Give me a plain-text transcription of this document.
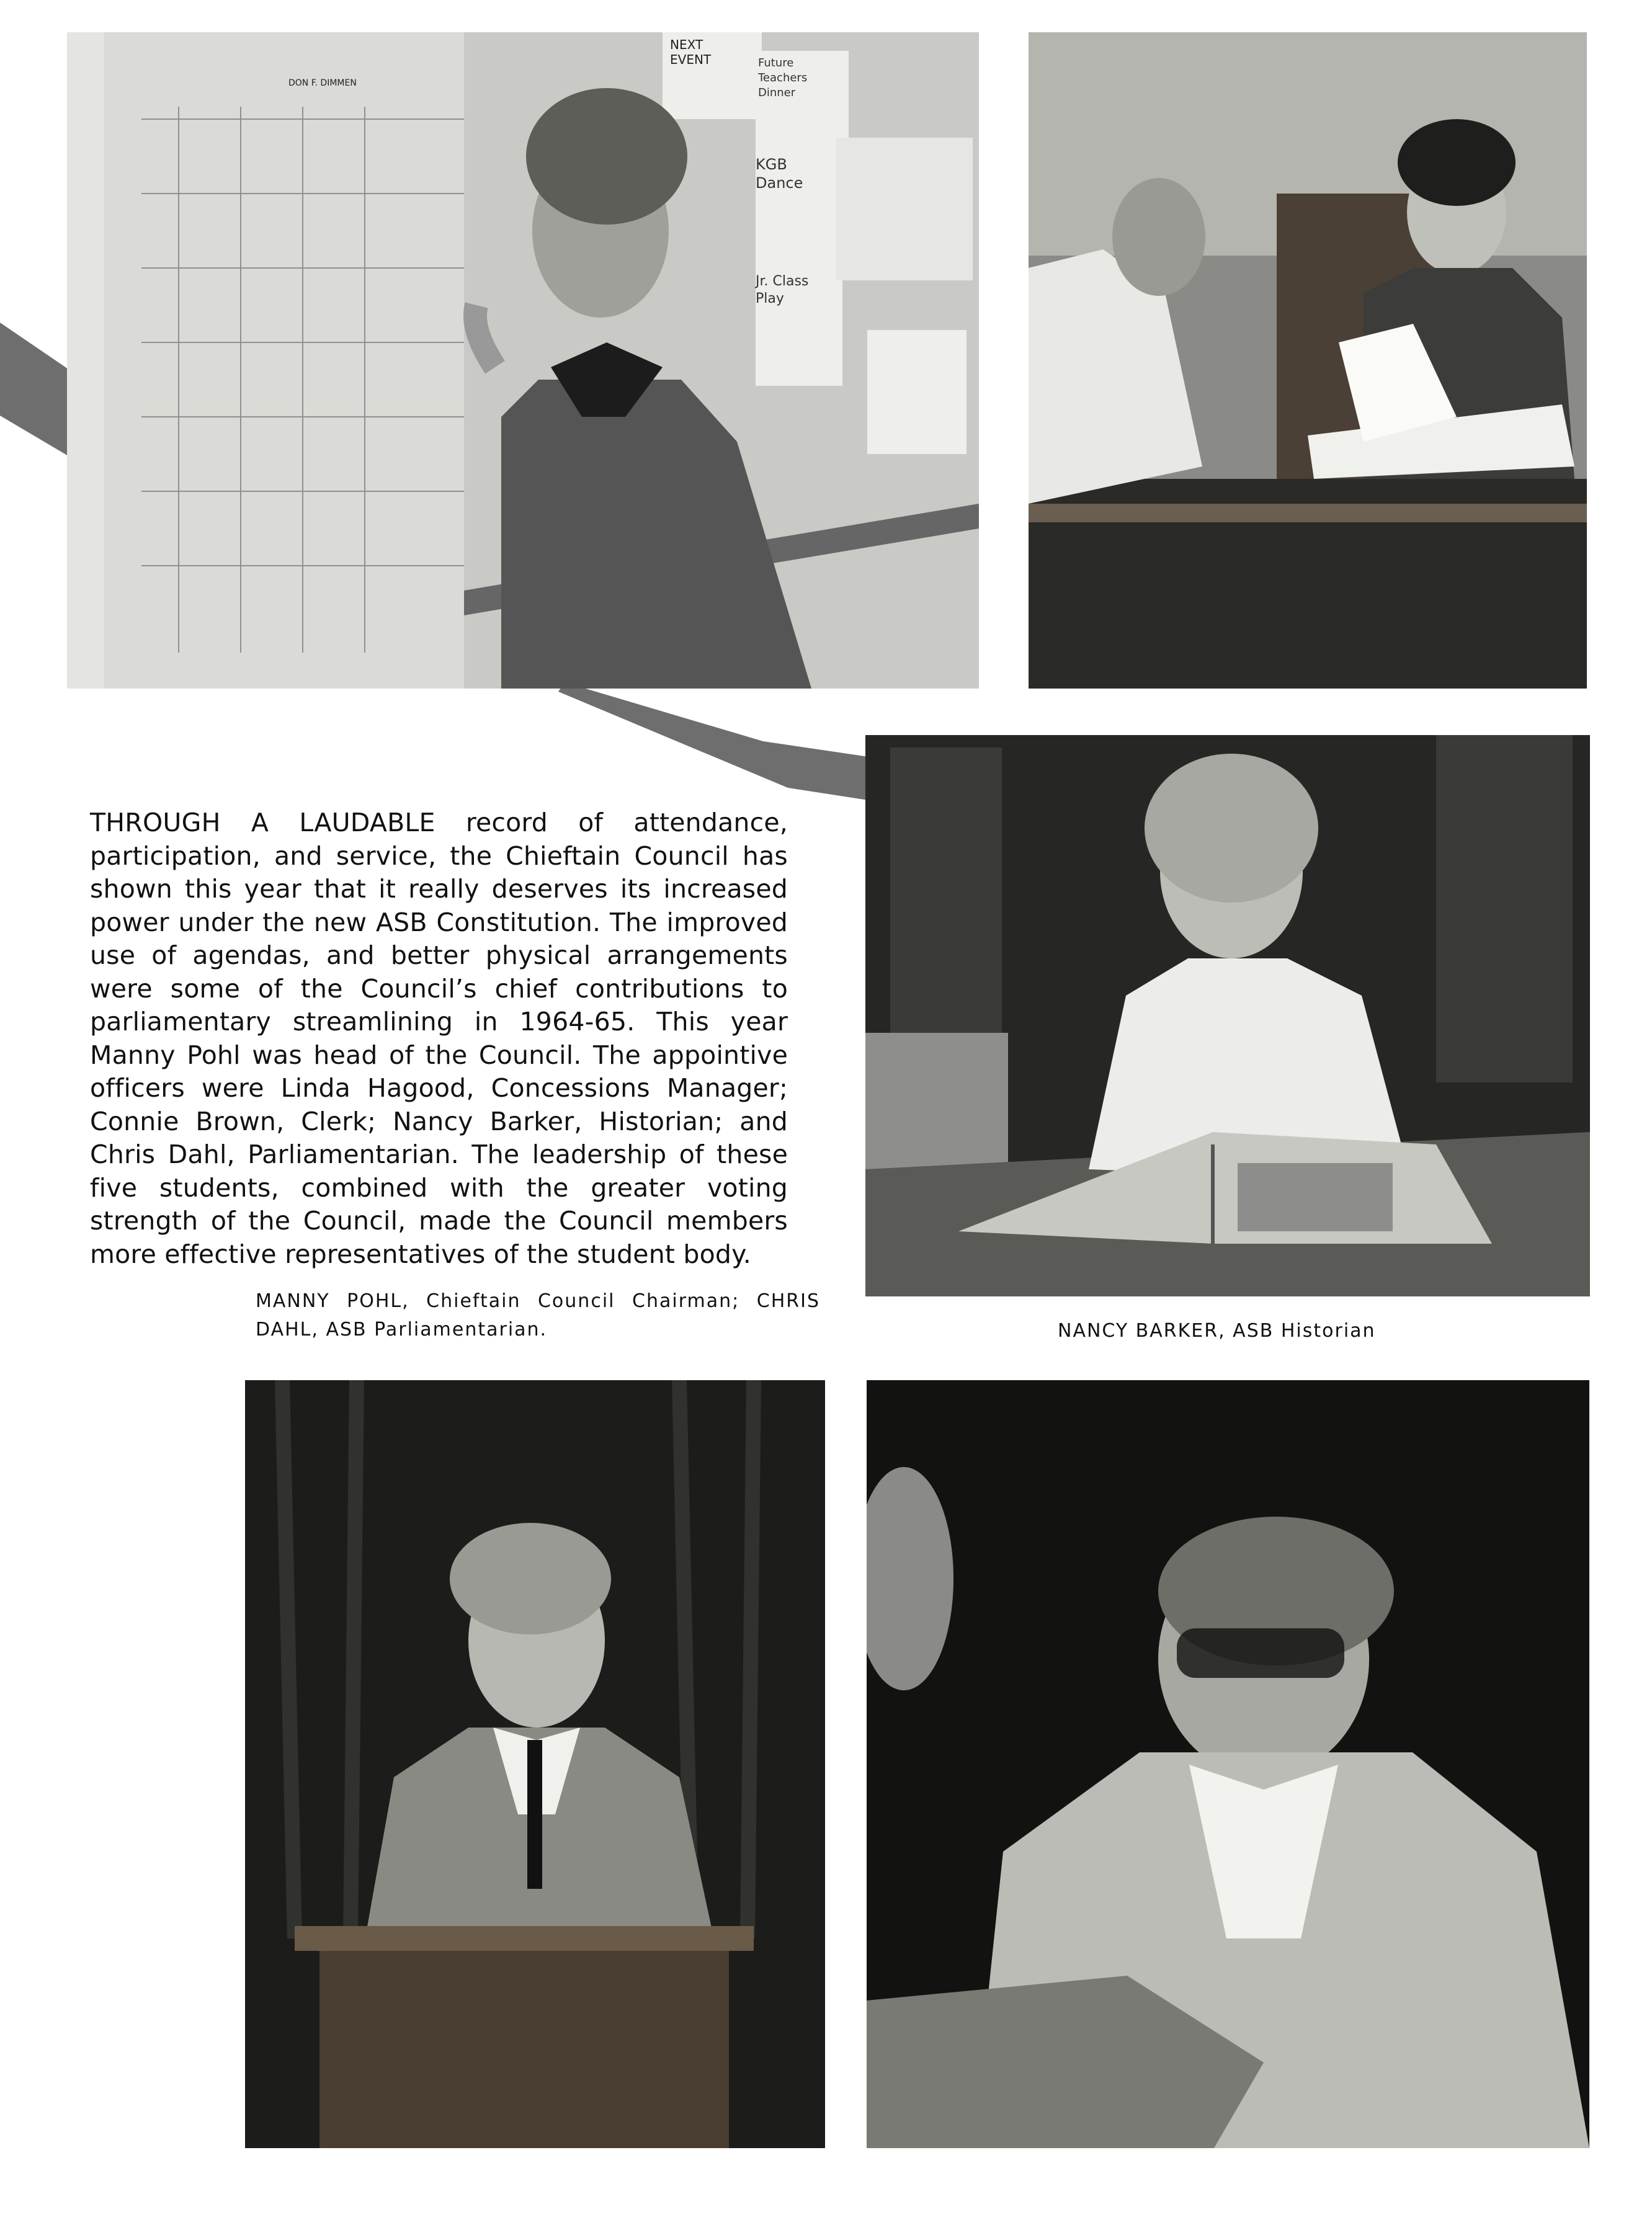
THROUGH A LAUDABLE record of attendance, participation, and service, the Chieftain Council has shown this year that it really deserves its increased power under the new ASB Constitution. The improved use of agendas, and better physical arrangements were some of the Council’s chief contributions to parliamentary streamlining in 1964-65. This year Manny Pohl was head of the Council. The appointive officers were Linda Hagood, Concessions Manager; Connie Brown, Clerk; Nancy Barker, Historian; and Chris Dahl, Parliamentarian. The leadership of these five students, combined with the greater voting strength of the Council, made the Council members more effective representatives of the student body.
MANNY POHL, Chieftain Council Chairman; CHRIS DAHL, ASB Parliamentarian.	NANCY BARKER, ASB Historian
NEXT EVENT	Future Teachers Dinner
KGB Dance
Jr. Class Play
DON F. DIMMEN
